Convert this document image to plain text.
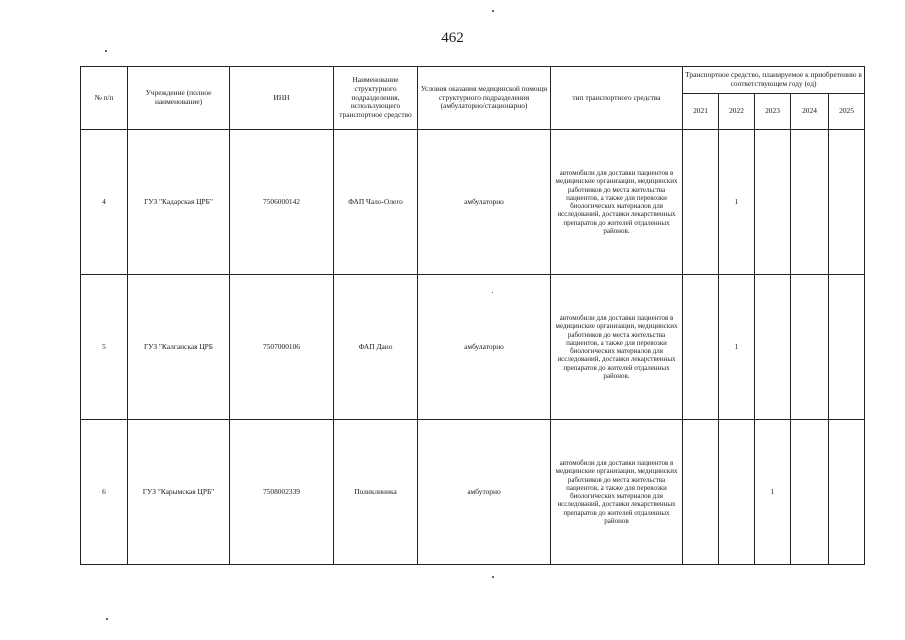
462
№ п/п	Учреждение (полное наименование)	ИНН	Наименование структурного подразделения, использующего транспортное средство	Условия оказания медицинской помощи структурного подразделения (амбулаторно/стационарно)	тип транспортного средства	Транспортное средство, планируемое к приобретению в соответствующем году (ед)				
						2021	2022	2023	2024	2025
4	ГУЗ "Кадарская ЦРБ"	7506000142	ФАП Чало-Олего	амбулаторно	автомобили для доставки пациентов в медицинские организации, медицинских работников до места жительства пациентов, а также для перевозки биологических материалов для исследований, доставки лекарственных препаратов до жителей отдаленных районов.		1			
5	ГУЗ "Калганская ЦРБ	7507000106	ФАП Дано	амбулаторно	автомобили для доставки пациентов в медицинские организации, медицинских работников до места жительства пациентов, а также для перевозки биологических материалов для исследований, доставки лекарственных препаратов до жителей отдаленных районов.		1			
6	ГУЗ "Карымская ЦРБ"	7508002339	Поликлиника	амбуторно	автомобили для доставки пациентов в медицинские организации, медицинских работников до места жительства пациентов, а также для перевозки биологических материалов для исследований, доставки лекарственных препаратов до жителей отдаленных районов			1		
